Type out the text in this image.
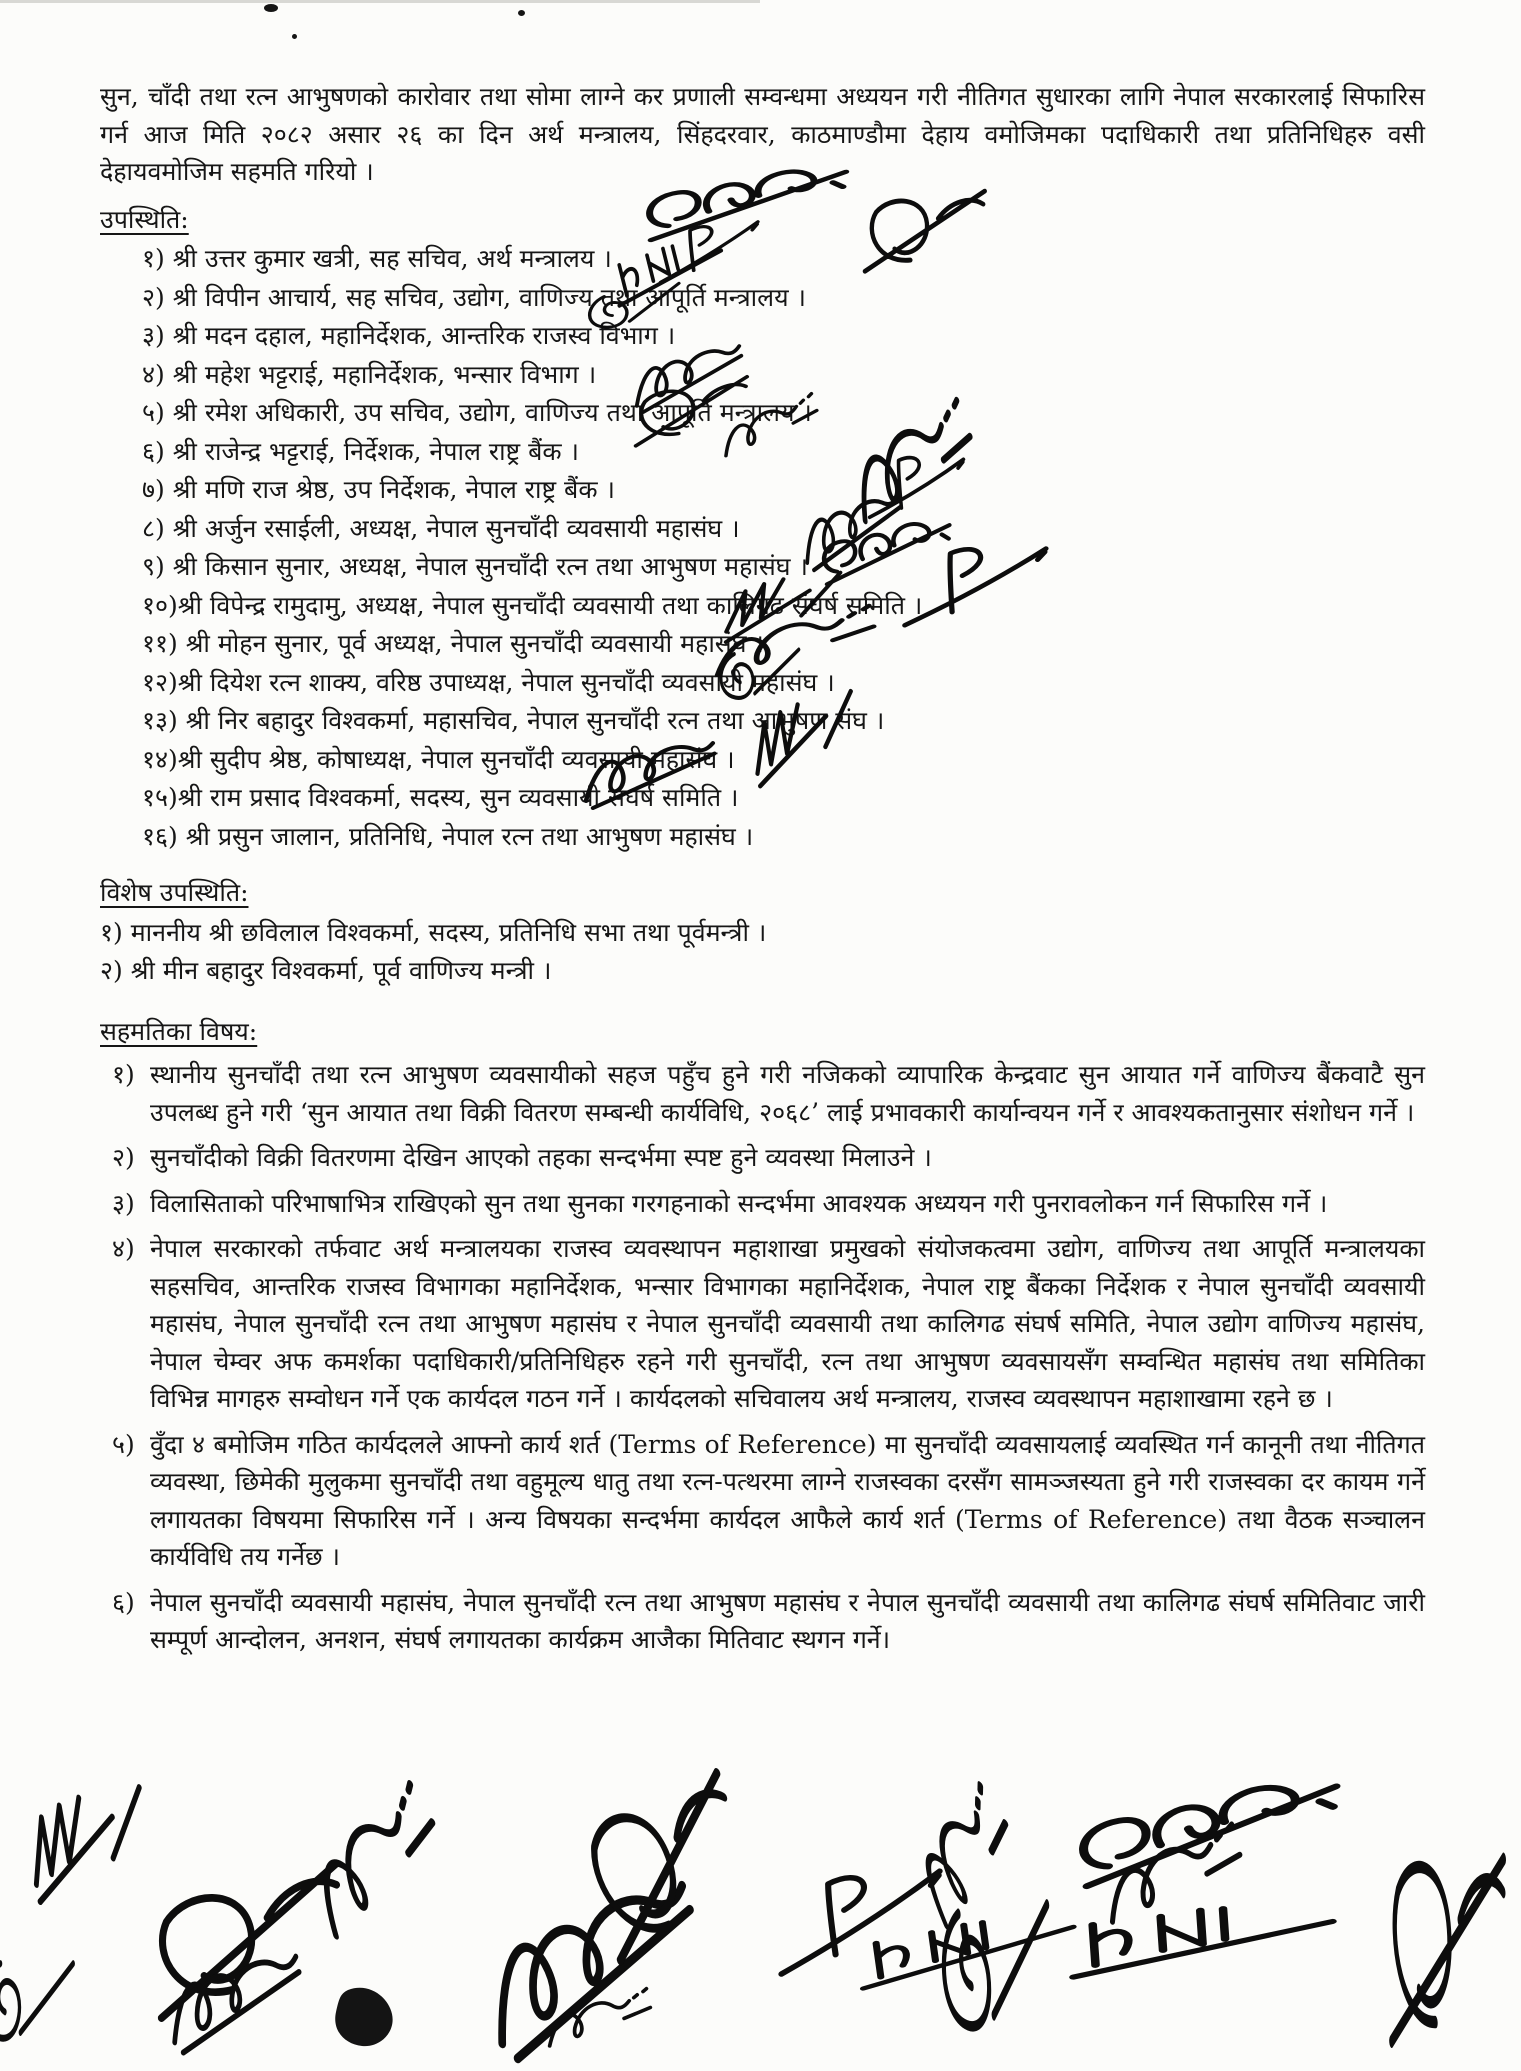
सुन, चाँदी तथा रत्न आभुषणको कारोवार तथा सोमा लाग्ने कर प्रणाली सम्वन्धमा अध्ययन गरी नीतिगत सुधारका लागि नेपाल सरकारलाई सिफारिस गर्न आज मिति २०८२ असार २६ का दिन अर्थ मन्त्रालय, सिंहदरवार, काठमाण्डौमा देहाय वमोजिमका पदाधिकारी तथा प्रतिनिधिहरु वसी देहायवमोजिम सहमति गरियो ।

उपस्थिति:
१) श्री उत्तर कुमार खत्री, सह सचिव, अर्थ मन्त्रालय ।
२) श्री विपीन आचार्य, सह सचिव, उद्योग, वाणिज्य तथा आपूर्ति मन्त्रालय ।
३) श्री मदन दहाल, महानिर्देशक, आन्तरिक राजस्व विभाग ।
४) श्री महेश भट्टराई, महानिर्देशक, भन्सार विभाग ।
५) श्री रमेश अधिकारी, उप सचिव, उद्योग, वाणिज्य तथा आपूर्ति मन्त्रालय ।
६) श्री राजेन्द्र भट्टराई, निर्देशक, नेपाल राष्ट्र बैंक ।
७) श्री मणि राज श्रेष्ठ, उप निर्देशक, नेपाल राष्ट्र बैंक ।
८) श्री अर्जुन रसाईली, अध्यक्ष, नेपाल सुनचाँदी व्यवसायी महासंघ ।
९) श्री किसान सुनार, अध्यक्ष, नेपाल सुनचाँदी रत्न तथा आभुषण महासंघ ।
१०)श्री विपेन्द्र रामुदामु, अध्यक्ष, नेपाल सुनचाँदी व्यवसायी तथा कालिगढ संघर्ष समिति ।
११) श्री मोहन सुनार, पूर्व अध्यक्ष, नेपाल सुनचाँदी व्यवसायी महासंघ ।
१२)श्री दियेश रत्न शाक्य, वरिष्ठ उपाध्यक्ष, नेपाल सुनचाँदी व्यवसायी महासंघ ।
१३) श्री निर बहादुर विश्वकर्मा, महासचिव, नेपाल सुनचाँदी रत्न तथा आभुषण संघ ।
१४)श्री सुदीप श्रेष्ठ, कोषाध्यक्ष, नेपाल सुनचाँदी व्यवसायी महासंघ ।
१५)श्री राम प्रसाद विश्वकर्मा, सदस्य, सुन व्यवसायी संघर्ष समिति ।
१६) श्री प्रसुन जालान, प्रतिनिधि, नेपाल रत्न तथा आभुषण महासंघ ।
विशेष उपस्थिति:
१) माननीय श्री छविलाल विश्वकर्मा, सदस्य, प्रतिनिधि सभा तथा पूर्वमन्त्री ।
२) श्री मीन बहादुर विश्वकर्मा, पूर्व वाणिज्य मन्त्री ।
सहमतिका विषय:
१) स्थानीय सुनचाँदी तथा रत्न आभुषण व्यवसायीको सहज पहुँच हुने गरी नजिकको व्यापारिक केन्द्रवाट सुन आयात गर्ने वाणिज्य बैंकवाटै सुन उपलब्ध हुने गरी ‘सुन आयात तथा विक्री वितरण सम्बन्धी कार्यविधि, २०६८’ लाई प्रभावकारी कार्यान्वयन गर्ने र आवश्यकतानुसार संशोधन गर्ने ।
२) सुनचाँदीको विक्री वितरणमा देखिन आएको तहका सन्दर्भमा स्पष्ट हुने व्यवस्था मिलाउने ।
३) विलासिताको परिभाषाभित्र राखिएको सुन तथा सुनका गरगहनाको सन्दर्भमा आवश्यक अध्ययन गरी पुनरावलोकन गर्न सिफारिस गर्ने ।
४) नेपाल सरकारको तर्फवाट अर्थ मन्त्रालयका राजस्व व्यवस्थापन महाशाखा प्रमुखको संयोजकत्वमा उद्योग, वाणिज्य तथा आपूर्ति मन्त्रालयका सहसचिव, आन्तरिक राजस्व विभागका महानिर्देशक, भन्सार विभागका महानिर्देशक, नेपाल राष्ट्र बैंकका निर्देशक र नेपाल सुनचाँदी व्यवसायी महासंघ, नेपाल सुनचाँदी रत्न तथा आभुषण महासंघ र नेपाल सुनचाँदी व्यवसायी तथा कालिगढ संघर्ष समिति, नेपाल उद्योग वाणिज्य महासंघ, नेपाल चेम्वर अफ कमर्शका पदाधिकारी/प्रतिनिधिहरु रहने गरी सुनचाँदी, रत्न तथा आभुषण व्यवसायसँग सम्वन्धित महासंघ तथा समितिका विभिन्न मागहरु सम्वोधन गर्ने एक कार्यदल गठन गर्ने । कार्यदलको सचिवालय अर्थ मन्त्रालय, राजस्व व्यवस्थापन महाशाखामा रहने छ ।
५) वुँदा ४ बमोजिम गठित कार्यदलले आफ्नो कार्य शर्त (Terms of Reference) मा सुनचाँदी व्यवसायलाई व्यवस्थित गर्न कानूनी तथा नीतिगत व्यवस्था, छिमेकी मुलुकमा सुनचाँदी तथा वहुमूल्य धातु तथा रत्न-पत्थरमा लाग्ने राजस्वका दरसँग सामञ्जस्यता हुने गरी राजस्वका दर कायम गर्ने लगायतका विषयमा सिफारिस गर्ने । अन्य विषयका सन्दर्भमा कार्यदल आफैले कार्य शर्त (Terms of Reference) तथा वैठक सञ्चालन कार्यविधि तय गर्नेछ ।
६) नेपाल सुनचाँदी व्यवसायी महासंघ, नेपाल सुनचाँदी रत्न तथा आभुषण महासंघ र नेपाल सुनचाँदी व्यवसायी तथा कालिगढ संघर्ष समितिवाट जारी सम्पूर्ण आन्दोलन, अनशन, संघर्ष लगायतका कार्यक्रम आजैका मितिवाट स्थगन गर्ने।
